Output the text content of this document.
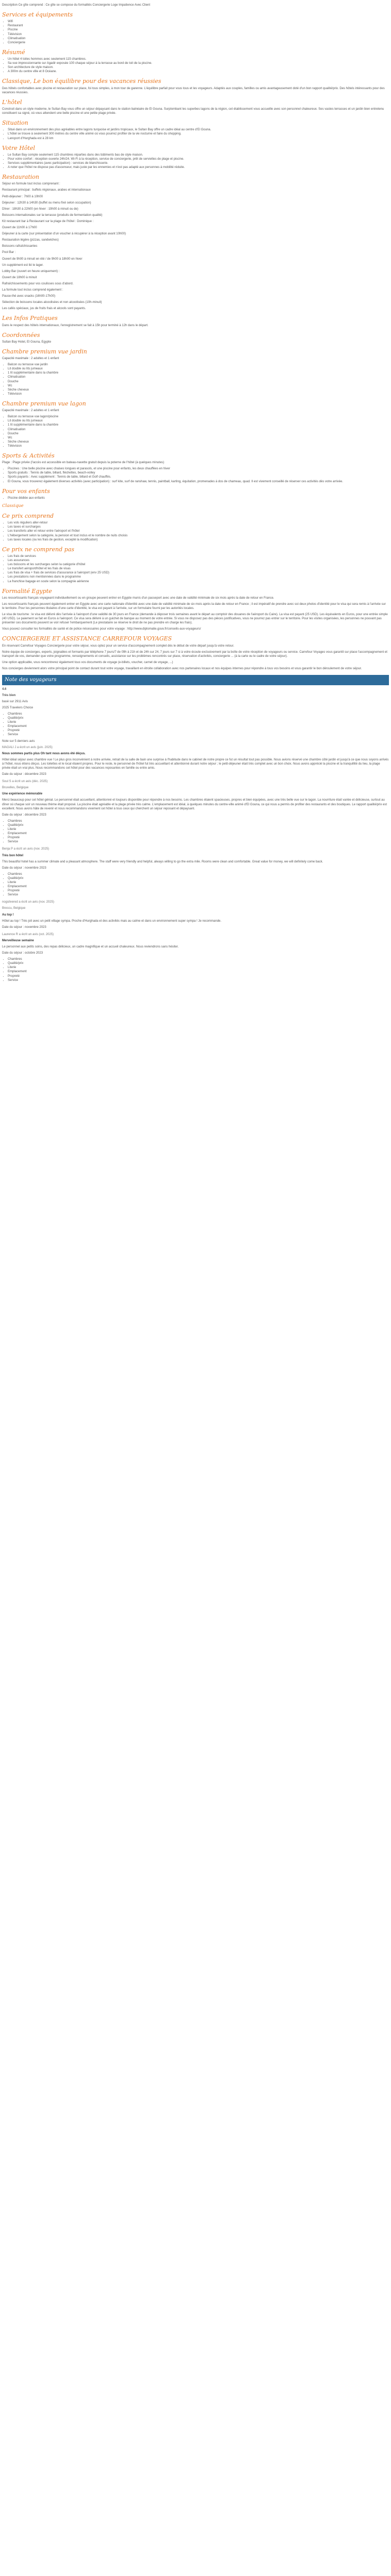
Description Ce gîte comprend : Ce gîte se compose du formalités Conciergerie Loge Impatience Avec Client

Services et équipements
• Wifi
• Restaurant
• Piscine
• Télévision
• Climatisation
• Conciergerie
Résumé
• Un hôtel 4 toiles hommes avec seulement 115 chambres.
• Sa vue impressionnante sur Agadir exposée 100 chaque séjour à la terrasse au bord de toit de la piscine.
• Son architecture de style maison.
• A 300m du centre ville et 8 Océane.
Classique, Le bon équilibre pour des vacances réussies

Des hôtels confortables avec piscine et restauration sur place, foi tous simples, à mon tour de garenne. L'équilibre parfait pour vous tous et les voyageurs. Adaptés aux couples, familles ou amis avantageusement doté d'un bon rapport qualité/prix. Des hôtels intéressants pour des vacances réussies.

L'hôtel

Construit dans un style moderne, le Sultan Bay vous offre un séjour dépaysant dans le station balnéaire de El Gouna. Surplombant les superbes lagons de la région, cet établissement vous accueille avec son personnel chaleureux. Ses vastes terrasses et un jardin bien entretenu constituent sa signé, où vous attendent une belle piscine et une petite plage privée.

Situation
• Situé dans un environnement des plus agréables entre lagons turquoise et jardins tropicaux, le Sultan Bay offre un cadre idéal au centre d'El Gouna.
• L'hôtel se trouve à seulement 300 mètres du centre ville animé où vous pourrez profiter de la vie nocturne et faire du shopping.
• Lancport d'Hurghada est à 28 km
Votre Hôtel
• Le Sultan Bay compte seulement 115 chambres réparties dans des bâtiments bas de style maison.
• Pour votre confort : réception ouverte 24h/24. Wi-Fi à la réception, service de conciergerie, prêt de serviettes de plage et piscine.
• Services supplémentaires (avec participation) : services de blanchisserie.
• A noter que l'hôtel ne dispose pas d'ascenseur, mais juste par les ennemies et n'est pas adapté aux personnes à mobilité réduite.
Restauration

Séjour en formule tout inclus comprenant :

Restaurant principal : buffets régionaux, arabes et internationaux

Petit-déjeuner : 7h00 à 10h00

Déjeuner : 12h30 à 14h30 (buffet ou menu fixé selon occupation)

Dîner : 18h30 à 22h00 (en hiver : 19h00 à minuit ou de)

Boissons internationales sur la terrasse (produits de fermentation qualité)

Kit restaurant bar à Restaurant sur la plage de l'hôtel : Dominique :

Ouvert de 11h00 à 17h00

Déjeuner à la carte (sur présentation d'un voucher à récupérer à la réception avant 10h00)

Restauration légère (pizzas, sandwiches)

Boissons rafraîchissantes

Pool Bar :

Ouvert de 9h00 à minuit en été / de 9h00 à 18h00 en hiver

Un supplément est lié le lager.

Lobby Bar (ouvert en heure uniquement) :

Ouvert de 18h00 à minuit

Rafraîchissements pour vos coulisses sous d'abord.

La formule tout inclus comprend également :

Pause-thé avec snacks (16h00-17h00)

Sélection de boissons locales alcoolisées et non alcoolisées (10h-minuit)

Les cafés spéciaux, jus de fruits frais et alcools sont payants.

Les Infos Pratiques

Dans le respect des hôtels internationaux, l'enregistrement se fait à 15h pour terminé à 12h dans le départ.

Coordonnées

Sultan Bay Hotel, El Gouna, Egypte

Chambre premium vue jardin

Capacité maximale : 2 adultes et 1 enfant

• Balcon ou terrasse vue jardin
• Lit double ou lits jumeaux
• 1 lit supplémentaire dans la chambre
• Climatisation
• Douche
• Wc
• Sèche cheveux
• Télévision
Chambre premium vue lagon

Capacité maximale : 2 adultes et 1 enfant

• Balcon ou terrasse vue lagon/piscine
• Lit double ou lits jumeaux
• 1 lit supplémentaire dans la chambre
• Climatisation
• Douche
• Wc
• Sèche cheveux
• Télévision
Sports & Activités

Plage : Plage privée (l'accès est accessible en bateau-navette gratuit depuis la poterne de l'hôtel (à quelques minutes)

• Piscines : Une belle piscine avec chaises longues et parasols, et une piscine pour enfants, les deux chauffées en hiver
• Sports gratuits : Tennis de table, billard, fléchettes, beach-volley
• Sports payants : Avec supplément : Tennis de table, billard et Golf chauffés.
• El Gouna, vous trouverez également diverses activités (avec participation) : surf kite, surf de ranshaw, tennis, paintball, karting, équitation, promenades à dos de chameau, quad. Il est vivement conseillé de réserver ces activités dès votre arrivée.
Pour vos enfants
• Piscine dédiée aux enfants
Classique
Ce prix comprend
• Les vols réguliers aller-retour
• Les taxes et surcharges
• Les transferts aller et retour entre l'aéroport et l'hôtel
• L'hébergement selon la catégorie, la pension et tout inclus et le nombre de nuits choisis
• Les taxes locales (ou les frais de gestion, excepté la modification)
Ce prix ne comprend pas
• Les frais de services
• Les assurances
• Les boissons et les surcharges selon la catégorie d'hôtel
• Le transfert aéroport/hôtel et les frais de visas
• Les frais de visa + frais de services d'assurance à l'aéroport (env 25 USD)
• Les prestations non mentionnées dans le programme
• La franchise bagage en soute selon la compagnie aérienne
Formalité Egypte

Les ressortissants français voyageant individuellement ou en groupe peuvent entrer en Egypte munis d'un passeport avec une date de validité minimale de six mois après la date de retour en France.

Les ressortissants français peuvent également entrer en Egypte avec une carte nationale d'identité avec une date de validité minimale de six mois après la date de retour en France ; il est impératif de prendre avec soi deux photos d'identité pour le visa qui sera remis à l'arrivée sur le territoire. Pour les personnes titulaires d'une carte d'identité, le visa est payant à l'arrivée, sur un formulaire fourni par les autorités locales.

Le visa de tourisme : le visa est délivré dès l'arrivée à l'aéroport d'une validité de 30 jours en France (demande à déposer trois semaines avant le départ au comptoir des douanes de l'aéroport du Caire). La visa est payant (25 USD). Les équivalents en Euros, pour une entrée simple (40 USD). Le paiement se fait en Euros à l'aéroport. Ce visa sera délivré à un guichet de banque au moment de votre entrée. Si vous ne disposez pas des pièces justificatives, vous ne pourrez pas entrer sur le territoire. Pour les visites organisées, les personnes ne pouvant pas présenter ces documents peuvent se voir refuser l'embarquement (Le prestataire se réserve le droit de ne pas prendre en charge les frais).

Vous pouvez consulter les formalités de santé et de police nécessaires pour votre voyage : http://www.diplomatie.gouv.fr/conseils-aux-voyageurs/

CONCIERGERIE ET ASSISTANCE CARREFOUR VOYAGES

En réservant Carrefour Voyages Conciergerie pour votre séjour, vous optez pour un service d'accompagnement complet dès le début de votre départ jusqu'à votre retour.

Notre équipe de concierges, experts, joignables et formants par téléphone 7 jours/7 de 09h à 21h et de 24h sur 24, 7 jours sur 7 si à votre écoute exclusivement par la boîte de votre réception de voyageurs ou service. Carrefour Voyages vous garantit sur place l'accompagnement et transport de vos, demander que votre programme, renseignements et conseils, assistance sur les problèmes rencontrés sur place, réservation d'activités, conciergerie ... (à la carte ou le cadre de votre séjour).

Une option applicable, vous rencontrerez également tous vos documents de voyage (e-billets, voucher, carnet de voyage, ...)

Nos concierges deviennent alors votre principal point de contact durant tout votre voyage, travaillant en étroite collaboration avec nos partenaires locaux et nos équipes internes pour répondre à tous vos besoins et vous garantir le bon déroulement de votre séjour.

Note des voyageurs

4.6

Très bien

basé sur 2911 Avis

2025 Travelers Choice

• Chambres
• Qualité/prix
• Literie
• Emplacement
• Propreté
• Service

Note sur 5 derniers avis

MAGALI J a écrit un avis (juin. 2025)

Nous sommes partis plus Oh tant nous avons été déçus.

Hôtel idéal séjour avec chambre vue ! Le plus gros inconvénient à notre arrivée, retrait de la salle de bain une surprise à l'habitude dans le cabinet de notre propre ce fut un résultat tout pas possible. Nous avions réservé une chambre côté jardin et jusqu'à ce que nous soyons arrivés à l'hôtel, nous étions déçus. Les toilettes et le local étaient propres. Pour le reste, le personnel de l'hôtel fut très accueillant et attentionné durant notre séjour ; le petit-déjeuner était très complet avec un bon choix. Nous avons apprécié la piscine et la tranquillité du lieu, la plage privée était un vrai plus. Nous recommandons cet hôtel pour des vacances reposantes en famille ou entre amis.

Date du séjour : décembre 2023

Soul S a écrit un avis (déc. 2025)

Bruxelles, Belgique

Une expérience mémorable

Merci beaucoup pour cet hôtel génial. Le personnel était accueillant, attentionné et toujours disponible pour répondre à nos besoins. Les chambres étaient spacieuses, propres et bien équipées, avec une très belle vue sur le lagon. La nourriture était variée et délicieuse, surtout au dîner où chaque soir un nouveau thème était proposé. La piscine était agréable et la plage privée très calme. L'emplacement est idéal, à quelques minutes du centre-ville animé d'El Gouna, ce qui nous a permis de profiter des restaurants et des boutiques. Le rapport qualité/prix est excellent. Nous avons hâte de revenir et nous recommandons vivement cet hôtel à tous ceux qui cherchent un séjour reposant et dépaysant.

Date du séjour : décembre 2023

• Chambres
• Qualité/prix
• Literie
• Emplacement
• Propreté
• Service

Benja P a écrit un avis (nov. 2025)

Très bon hôtel

This beautiful hotel has a summer climate and a pleasant atmosphere. The staff were very friendly and helpful, always willing to go the extra mile. Rooms were clean and comfortable. Great value for money, we will definitely come back.

Date du séjour : novembre 2023

• Chambres
• Qualité/prix
• Literie
• Emplacement
• Propreté
• Service

nogsilvered a écrit un avis (nov. 2025)

Brescu, Belgique

Au top !

Hôtel au top ! Très joli avec un petit village sympa. Proche d'Hurghada et des activités mais au calme et dans un environnement super sympa ! Je recommande.

Date du séjour : novembre 2023

Laurence R a écrit un avis (oct. 2025)

Merveilleuse semaine

Le personnel aux petits soins, des repas délicieux, un cadre magnifique et un accueil chaleureux. Nous reviendrons sans hésiter.

Date du séjour : octobre 2023

• Chambres
• Qualité/prix
• Literie
• Emplacement
• Propreté
• Service
